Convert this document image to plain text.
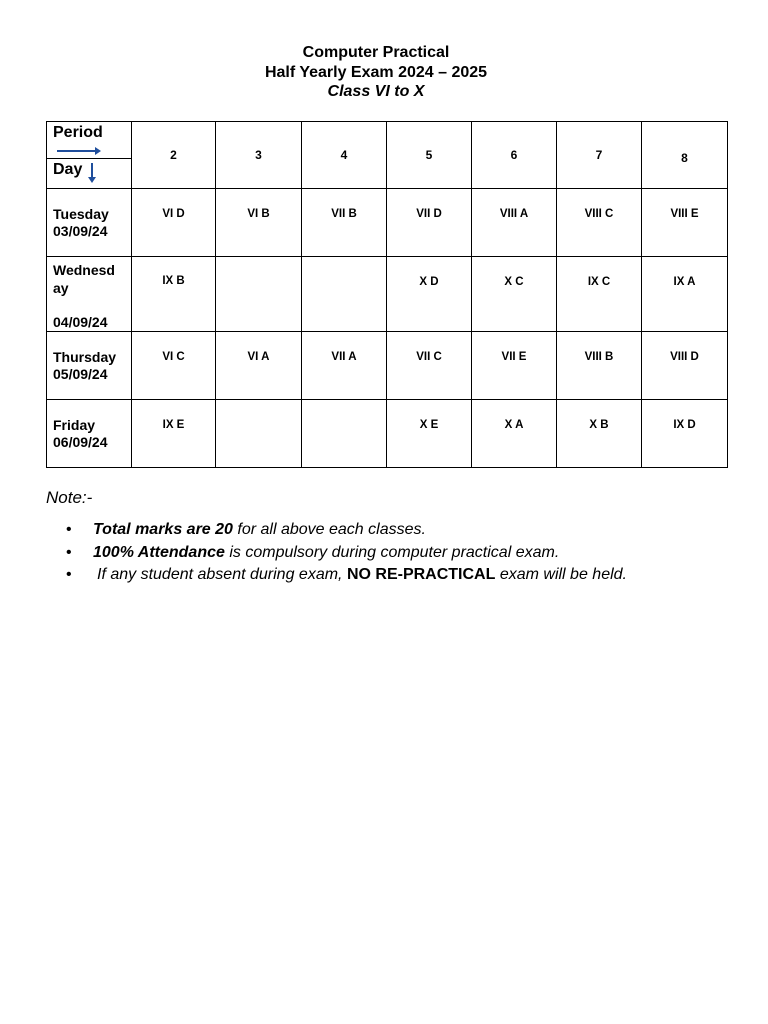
Computer Practical
Half Yearly Exam 2024 – 2025
Class VI to X
Period
Day	2	3	4	5	6	7	8

Tuesday
03/09/24	VI D	VI B	VII B	VII D	VIII A	VIII C	VIII E

Wednesd
ay
04/09/24	IX B			X D	X C	IX C	IX A

Thursday
05/09/24	VI C	VI A	VII A	VII C	VII E	VIII B	VIII D

Friday
06/09/24	IX E			X E	X A	X B	IX D
Note:-
• Total marks are 20 for all above each classes.
• 100% Attendance is compulsory during computer practical exam.
• If any student absent during exam, NO RE-PRACTICAL exam will be held.
